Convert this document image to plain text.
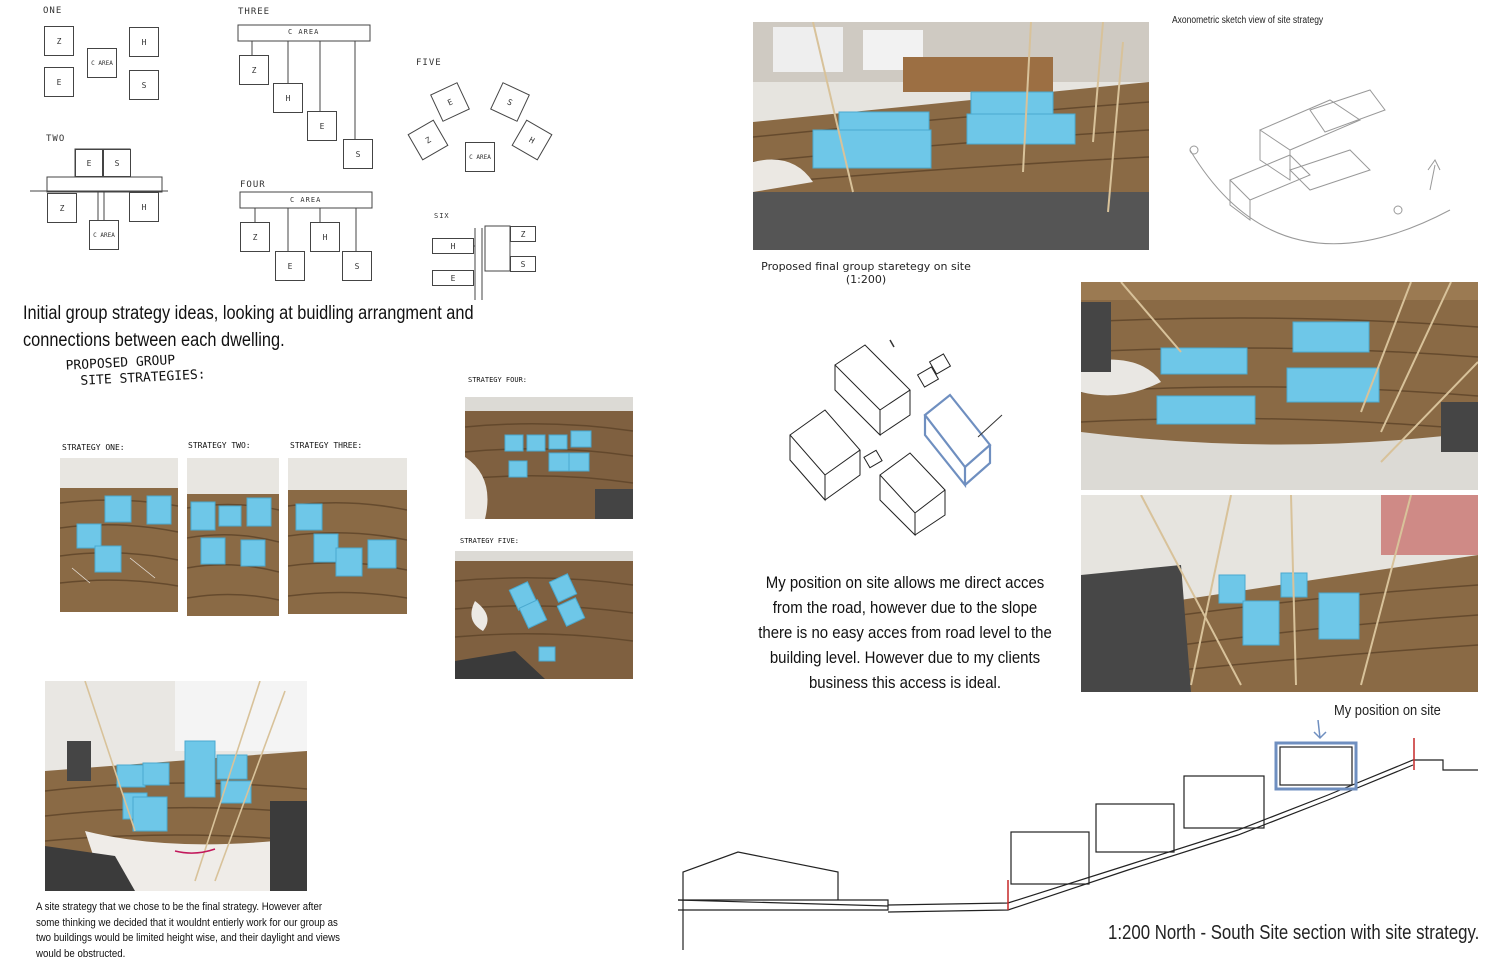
ONE
Z	H
C AREA
E	S
TWO
E	S
Z	H
C AREA
THREE
C AREA
Z
H
E
S
FOUR
C AREA
Z	H
E	S
FIVE
E	S
Z	H
C AREA
SIX
H
E
Z
S
Initial group strategy ideas, looking at buidling arrangment and connections between each dwelling.
PROPOSED GROUP
SITE STRATEGIES:
STRATEGY ONE:	STRATEGY TWO:	STRATEGY THREE:
STRATEGY FOUR:
STRATEGY FIVE:
A site strategy that we chose to be the final strategy. However after some thinking we decided that it wouldnt entierly work for our group as two buildings would be limited height wise, and their daylight and views would be obstructed.
Proposed final group staretegy on site
(1:200)
Axonometric sketch view of site strategy
My position on site allows me direct acces from the road, however due to the slope there is no easy acces from road level to the building level. However due to my clients business this access is ideal.
My position on site
1:200 North - South Site section with site strategy.
